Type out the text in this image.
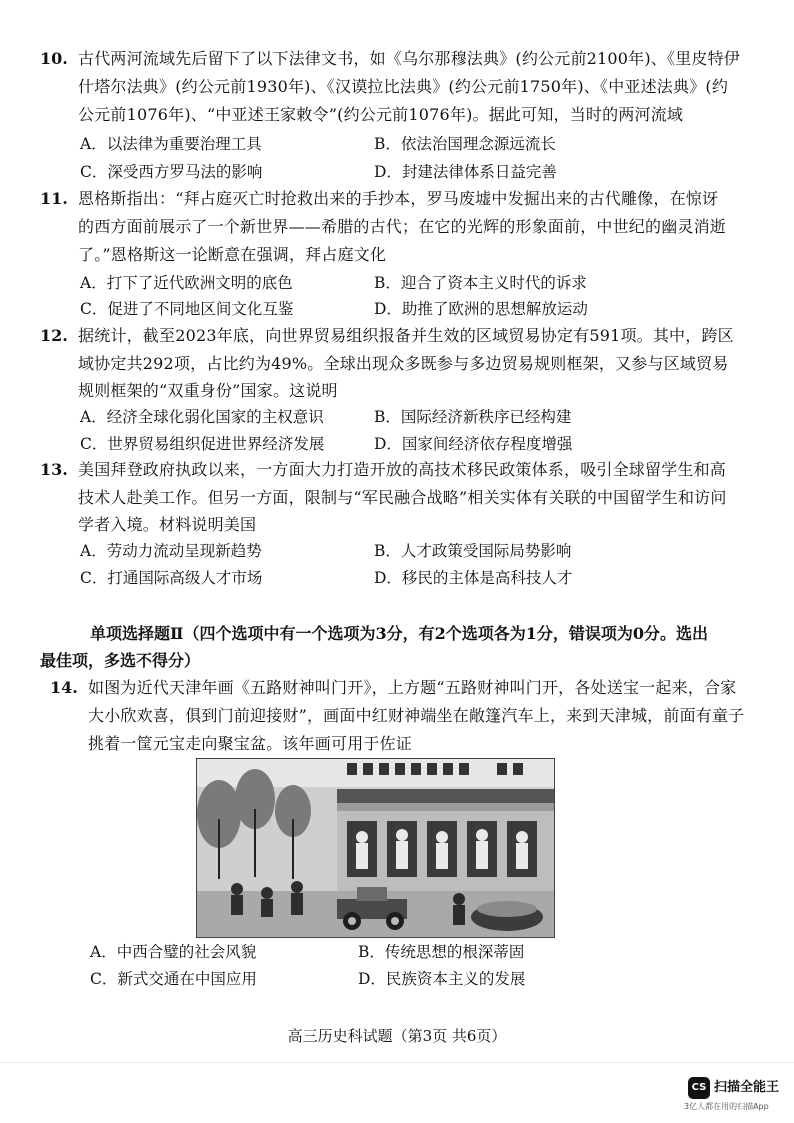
10. 古代两河流域先后留下了以下法律文书，如《乌尔那穆法典》(约公元前2100年)、《里皮特伊
什塔尔法典》(约公元前1930年)、《汉谟拉比法典》(约公元前1750年)、《中亚述法典》(约
公元前1076年)、“中亚述王家敕令”(约公元前1076年)。据此可知，当时的两河流域
A．以法律为重要治理工具	B．依法治国理念源远流长
C．深受西方罗马法的影响	D．封建法律体系日益完善
11. 恩格斯指出：“拜占庭灭亡时抢救出来的手抄本，罗马废墟中发掘出来的古代雕像，在惊讶
的西方面前展示了一个新世界——希腊的古代；在它的光辉的形象面前，中世纪的幽灵消逝
了。”恩格斯这一论断意在强调，拜占庭文化
A．打下了近代欧洲文明的底色	B．迎合了资本主义时代的诉求
C．促进了不同地区间文化互鉴	D．助推了欧洲的思想解放运动
12. 据统计，截至2023年底，向世界贸易组织报备并生效的区域贸易协定有591项。其中，跨区
域协定共292项，占比约为49%。全球出现众多既参与多边贸易规则框架，又参与区域贸易
规则框架的“双重身份”国家。这说明
A．经济全球化弱化国家的主权意识	B．国际经济新秩序已经构建
C．世界贸易组织促进世界经济发展	D．国家间经济依存程度增强
13. 美国拜登政府执政以来，一方面大力打造开放的高技术移民政策体系，吸引全球留学生和高
技术人赴美工作。但另一方面，限制与“军民融合战略”相关实体有关联的中国留学生和访问
学者入境。材料说明美国
A．劳动力流动呈现新趋势	B．人才政策受国际局势影响
C．打通国际高级人才市场	D．移民的主体是高科技人才
单项选择题Ⅱ（四个选项中有一个选项为3分，有2个选项各为1分，错误项为0分。选出
最佳项，多选不得分）
14. 如图为近代天津年画《五路财神叫门开》，上方题“五路财神叫门开，各处送宝一起来，合家
大小欣欢喜，俱到门前迎接财”，画面中红财神端坐在敞篷汽车上，来到天津城，前面有童子
挑着一筐元宝走向聚宝盆。该年画可用于佐证
A．中西合璧的社会风貌	B．传统思想的根深蒂固
C．新式交通在中国应用	D．民族资本主义的发展
高三历史科试题（第3页 共6页）
CS 扫描全能王
3亿人都在用的扫描App
